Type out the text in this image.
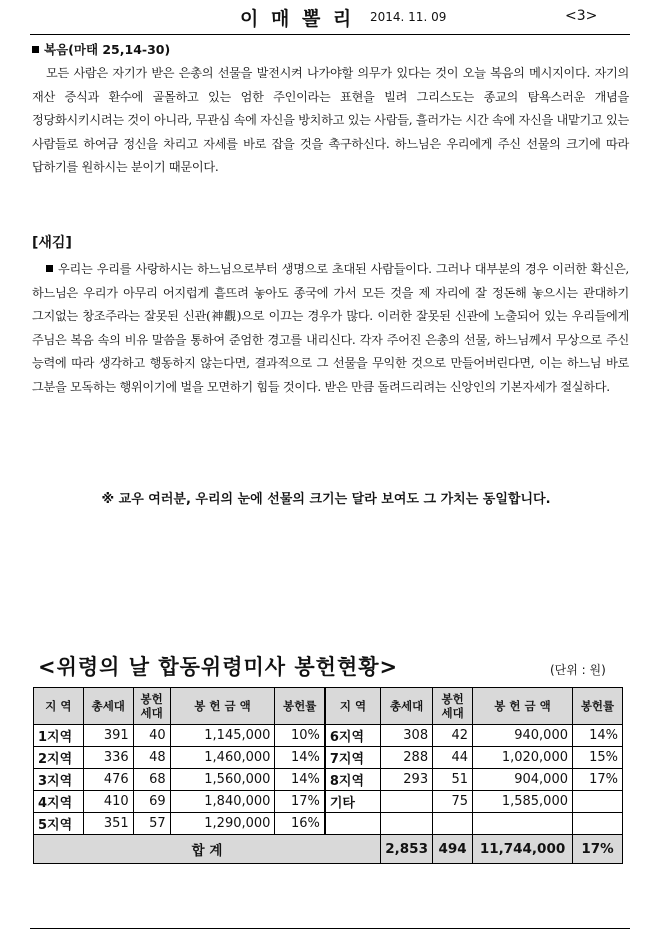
이 매 뽈 리 2014. 11. 09	<3>
복음(마태 25,14-30)
모든 사람은 자기가 받은 은총의 선물을 발전시켜 나가야할 의무가 있다는 것이 오늘 복음의 메시지이다. 자기의 재산 증식과 환수에 골몰하고 있는 엄한 주인이라는 표현을 빌려 그리스도는 종교의 탐욕스러운 개념을 정당화시키시려는 것이 아니라, 무관심 속에 자신을 방치하고 있는 사람들, 흘러가는 시간 속에 자신을 내맡기고 있는 사람들로 하여금 정신을 차리고 자세를 바로 잡을 것을 촉구하신다. 하느님은 우리에게 주신 선물의 크기에 따라 답하기를 원하시는 분이기 때문이다.
[새김]
우리는 우리를 사랑하시는 하느님으로부터 생명으로 초대된 사람들이다. 그러나 대부분의 경우 이러한 확신은, 하느님은 우리가 아무리 어지럽게 흩뜨려 놓아도 종국에 가서 모든 것을 제 자리에 잘 정돈해 놓으시는 관대하기 그지없는 창조주라는 잘못된 신관(神觀)으로 이끄는 경우가 많다. 이러한 잘못된 신관에 노출되어 있는 우리들에게 주님은 복음 속의 비유 말씀을 통하여 준엄한 경고를 내리신다. 각자 주어진 은총의 선물, 하느님께서 무상으로 주신 능력에 따라 생각하고 행동하지 않는다면, 결과적으로 그 선물을 무익한 것으로 만들어버린다면, 이는 하느님 바로 그분을 모독하는 행위이기에 벌을 모면하기 힘들 것이다. 받은 만큼 돌려드리려는 신앙인의 기본자세가 절실하다.
※ 교우 여러분, 우리의 눈에 선물의 크기는 달라 보여도 그 가치는 동일합니다.
<위령의 날 합동위령미사 봉헌현황>	(단위 : 원)
지 역	총세대	봉헌 세대	봉 헌 금 액	봉헌률	지 역	총세대	봉헌 세대	봉 헌 금 액	봉헌률
1지역	391	40	1,145,000	10%	6지역	308	42	940,000	14%
2지역	336	48	1,460,000	14%	7지역	288	44	1,020,000	15%
3지역	476	68	1,560,000	14%	8지역	293	51	904,000	17%
4지역	410	69	1,840,000	17%	기타		75	1,585,000	
5지역	351	57	1,290,000	16%					
합 계						2,853	494	11,744,000	17%
